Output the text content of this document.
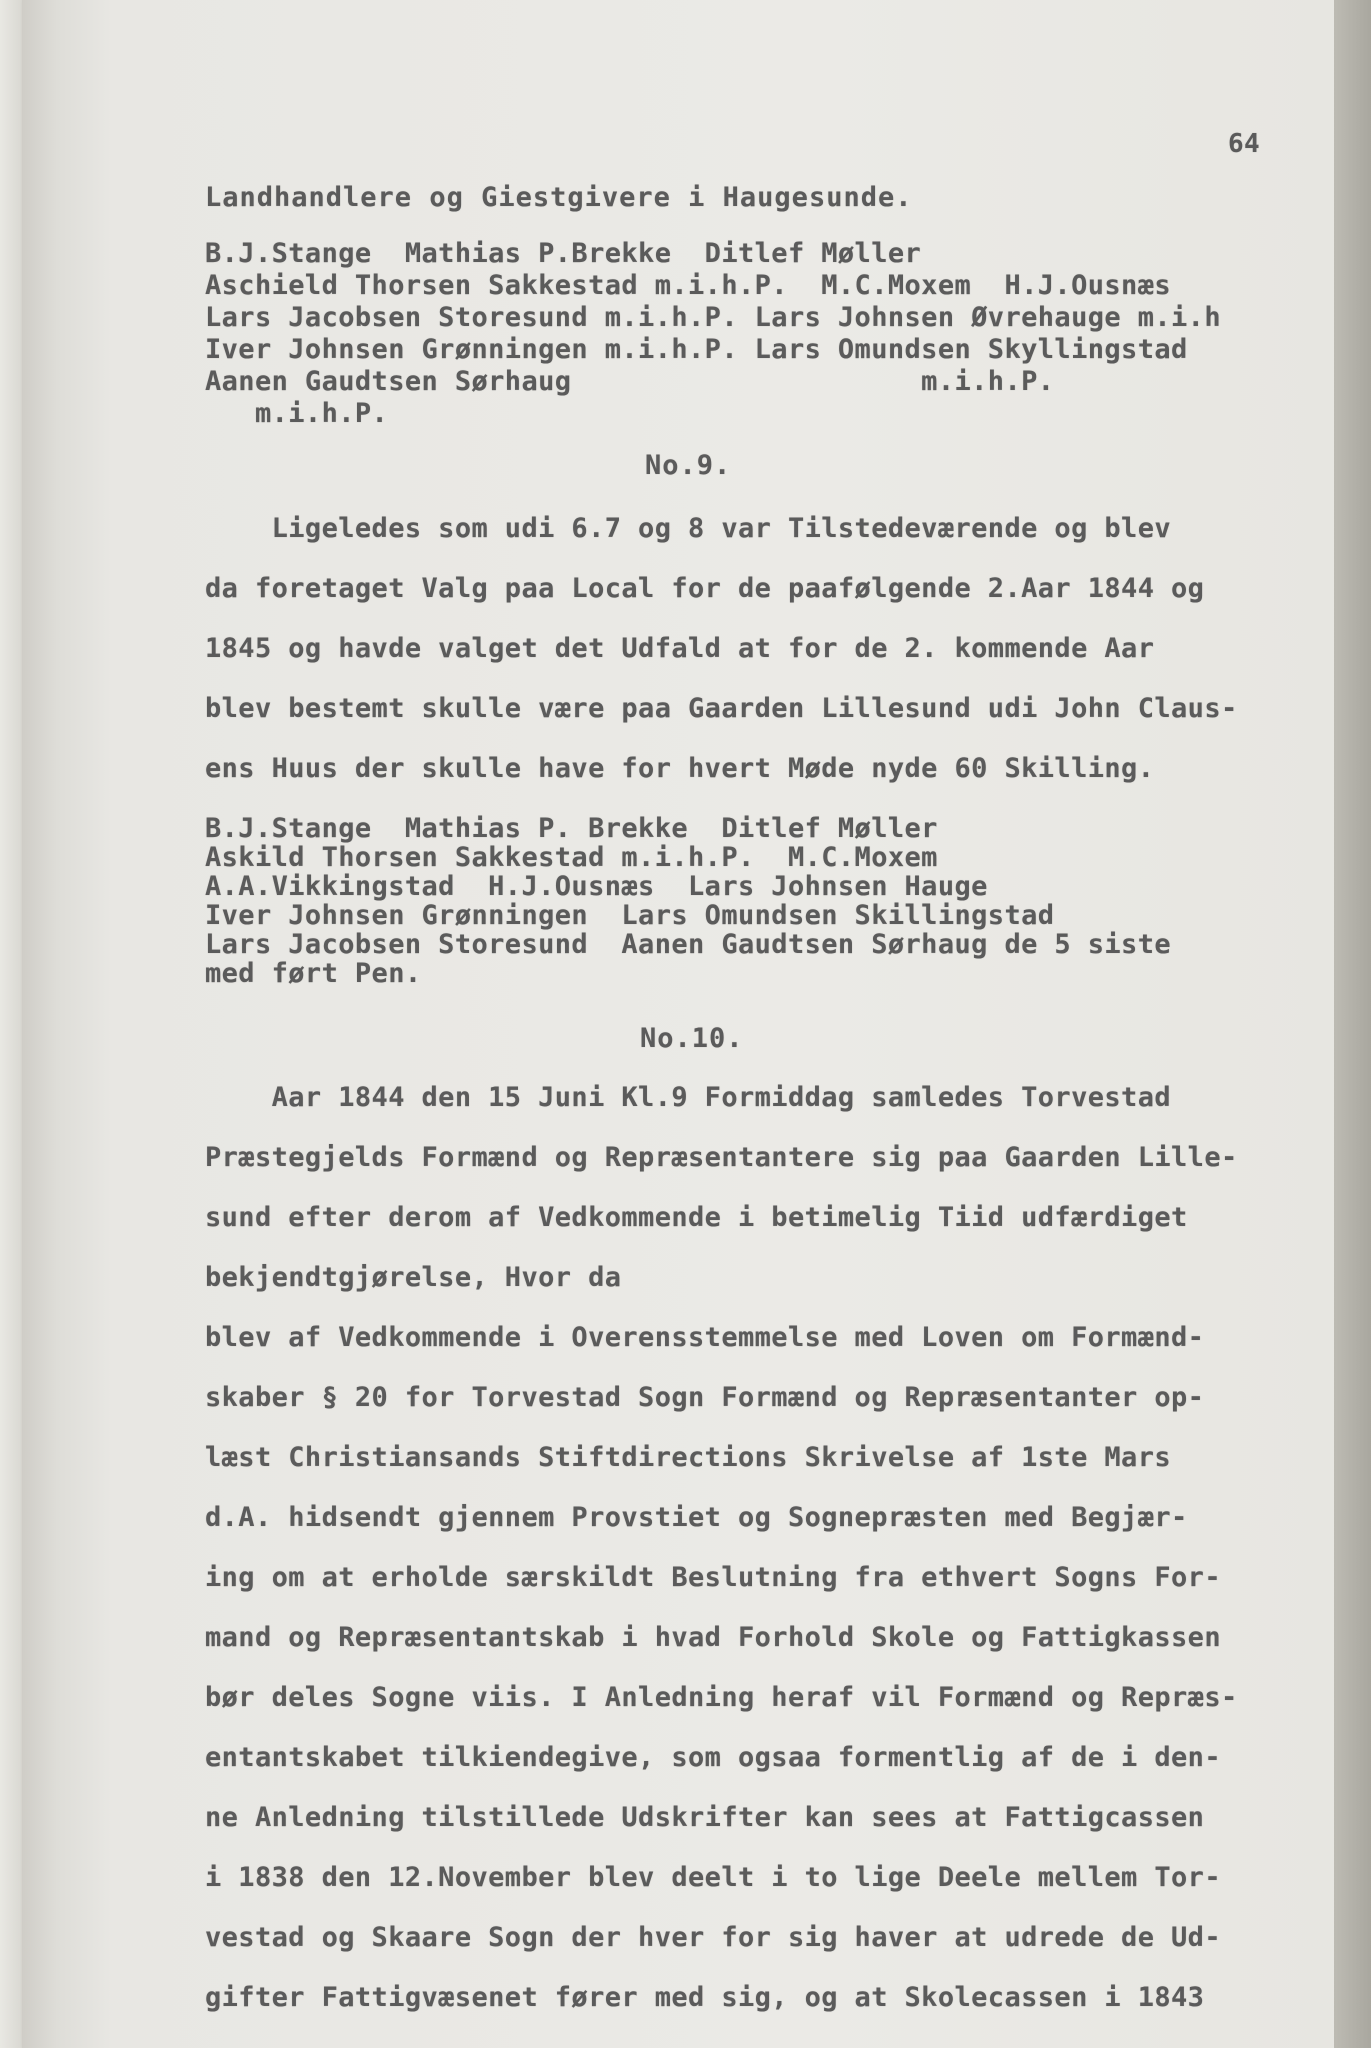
64
Landhandlere og Giestgivere i Haugesunde.
B.J.Stange  Mathias P.Brekke  Ditlef Møller
Aschield Thorsen Sakkestad m.i.h.P.  M.C.Moxem  H.J.Ousnæs
Lars Jacobsen Storesund m.i.h.P. Lars Johnsen Øvrehauge m.i.h
Iver Johnsen Grønningen m.i.h.P. Lars Omundsen Skyllingstad
Aanen Gaudtsen Sørhaug                     m.i.h.P.
m.i.h.P.
No.9.
Ligeledes som udi 6.7 og 8 var Tilstedeværende og blev
da foretaget Valg paa Local for de paafølgende 2.Aar 1844 og
1845 og havde valget det Udfald at for de 2. kommende Aar
blev bestemt skulle være paa Gaarden Lillesund udi John Claus-
ens Huus der skulle have for hvert Møde nyde 60 Skilling.
B.J.Stange  Mathias P. Brekke  Ditlef Møller
Askild Thorsen Sakkestad m.i.h.P.  M.C.Moxem
A.A.Vikkingstad  H.J.Ousnæs  Lars Johnsen Hauge
Iver Johnsen Grønningen  Lars Omundsen Skillingstad
Lars Jacobsen Storesund  Aanen Gaudtsen Sørhaug de 5 siste
med ført Pen.
No.10.
Aar 1844 den 15 Juni Kl.9 Formiddag samledes Torvestad
Præstegjelds Formænd og Repræsentantere sig paa Gaarden Lille-
sund efter derom af Vedkommende i betimelig Tiid udfærdiget
bekjendtgjørelse, Hvor da
blev af Vedkommende i Overensstemmelse med Loven om Formænd-
skaber § 20 for Torvestad Sogn Formænd og Repræsentanter op-
læst Christiansands Stiftdirections Skrivelse af 1ste Mars
d.A. hidsendt gjennem Provstiet og Sognepræsten med Begjær-
ing om at erholde særskildt Beslutning fra ethvert Sogns For-
mand og Repræsentantskab i hvad Forhold Skole og Fattigkassen
bør deles Sogne viis. I Anledning heraf vil Formænd og Repræs-
entantskabet tilkiendegive, som ogsaa formentlig af de i den-
ne Anledning tilstillede Udskrifter kan sees at Fattigcassen
i 1838 den 12.November blev deelt i to lige Deele mellem Tor-
vestad og Skaare Sogn der hver for sig haver at udrede de Ud-
gifter Fattigvæsenet fører med sig, og at Skolecassen i 1843
